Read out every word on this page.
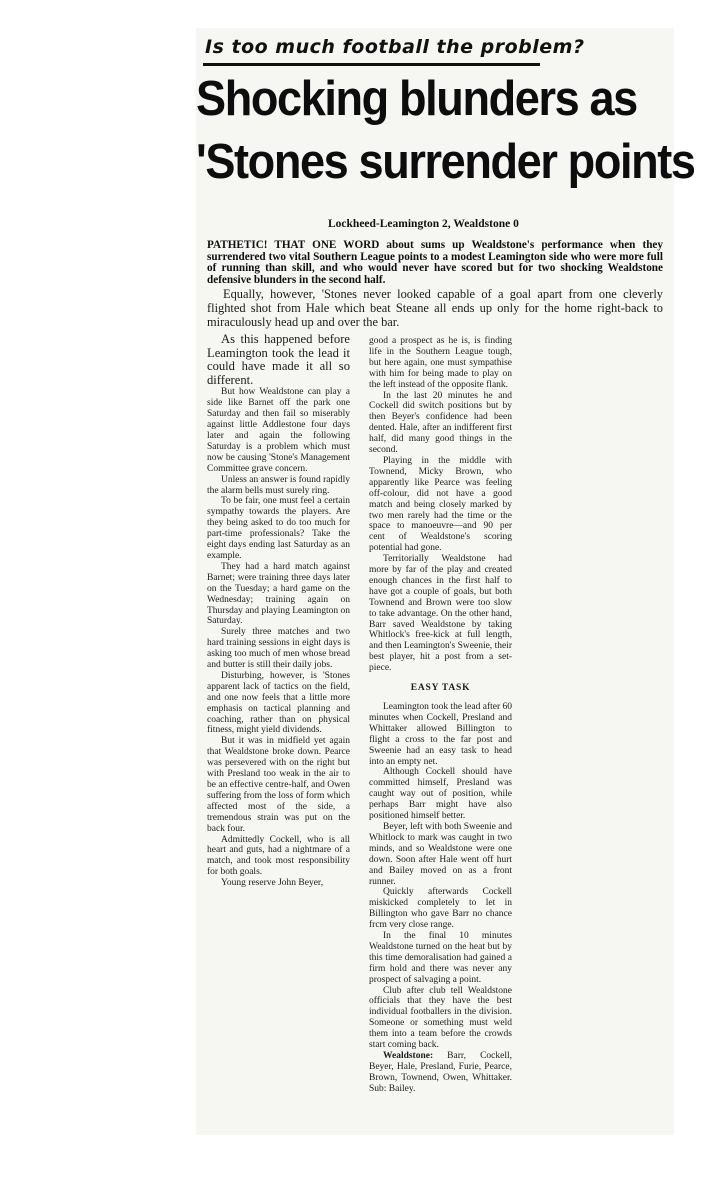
Is too much football the problem?
Shocking blunders as
'Stones surrender points
Lockheed-Leamington 2, Wealdstone 0

PATHETIC! THAT ONE WORD about sums up Wealdstone's performance when they surrendered two vital Southern League points to a modest Leamington side who were more full of running than skill, and who would never have scored but for two shocking Wealdstone defensive blunders in the second half.

Equally, however, 'Stones never looked capable of a goal apart from one cleverly flighted shot from Hale which beat Steane all ends up only for the home right-back to miraculously head up and over the bar.

As this happened before Leamington took the lead it could have made it all so different.

But how Wealdstone can play a side like Barnet off the park one Saturday and then fail so miserably against little Addlestone four days later and again the following Saturday is a problem which must now be causing 'Stone's Management Committee grave concern.

Unless an answer is found rapidly the alarm bells must surely ring.

To be fair, one must feel a certain sympathy towards the players. Are they being asked to do too much for part-time professionals? Take the eight days ending last Saturday as an example.

They had a hard match against Barnet; were training three days later on the Tuesday; a hard game on the Wednesday; training again on Thursday and playing Leamington on Saturday.

Surely three matches and two hard training sessions in eight days is asking too much of men whose bread and butter is still their daily jobs.

Disturbing, however, is 'Stones apparent lack of tactics on the field, and one now feels that a little more emphasis on tactical planning and coaching, rather than on physical fitness, might yield dividends.

But it was in midfield yet again that Wealdstone broke down. Pearce was persevered with on the right but with Presland too weak in the air to be an effective centre-half, and Owen suffering from the loss of form which affected most of the side, a tremendous strain was put on the back four.

Admittedly Cockell, who is all heart and guts, had a nightmare of a match, and took most responsibility for both goals.

Young reserve John Beyer,

good a prospect as he is, is finding life in the Southern League tough, but here again, one must sympathise with him for being made to play on the left instead of the opposite flank.

In the last 20 minutes he and Cockell did switch positions but by then Beyer's confidence had been dented. Hale, after an indifferent first half, did many good things in the second.

Playing in the middle with Townend, Micky Brown, who apparently like Pearce was feeling off-colour, did not have a good match and being closely marked by two men rarely had the time or the space to manoeuvre—and 90 per cent of Wealdstone's scoring potential had gone.

Territorially Wealdstone had more by far of the play and created enough chances in the first half to have got a couple of goals, but both Townend and Brown were too slow to take advantage. On the other hand, Barr saved Wealdstone by taking Whitlock's free-kick at full length, and then Leamington's Sweenie, their best player, hit a post from a set-piece.

EASY TASK

Leamington took the lead after 60 minutes when Cockell, Presland and Whittaker allowed Billington to flight a cross to the far post and Sweenie had an easy task to head into an empty net.

Although Cockell should have committed himself, Presland was caught way out of position, while perhaps Barr might have also positioned himself better.

Beyer, left with both Sweenie and Whitlock to mark was caught in two minds, and so Wealdstone were one down. Soon after Hale went off hurt and Bailey moved on as a front runner.

Quickly afterwards Cockell miskicked completely to let in Billington who gave Barr no chance frcm very close range.

In the final 10 minutes Wealdstone turned on the heat but by this time demoralisation had gained a firm hold and there was never any prospect of salvaging a point.

Club after club tell Wealdstone officials that they have the best individual footballers in the division. Someone or something must weld them into a team before the crowds start coming back.

Wealdstone: Barr, Cockell, Beyer, Hale, Presland, Furie, Pearce, Brown, Townend, Owen, Whittaker. Sub: Bailey.
